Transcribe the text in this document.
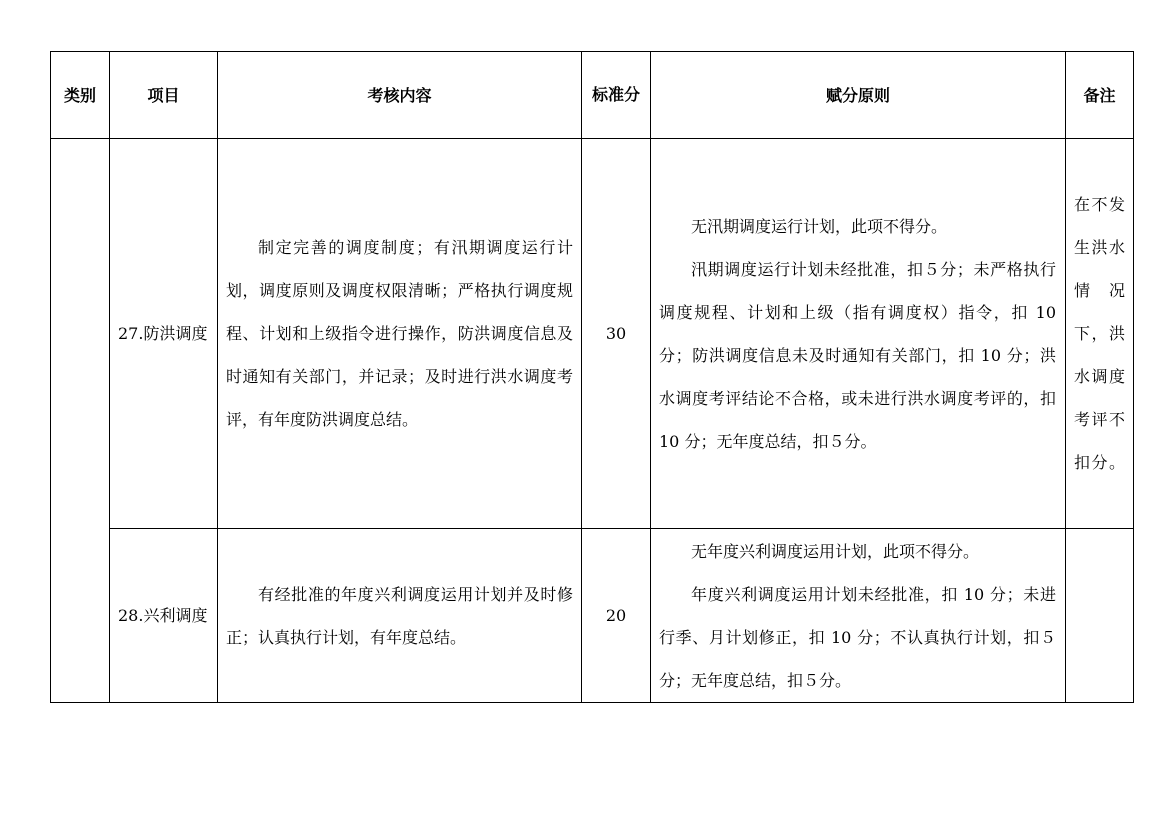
类别	项目	考核内容	标准分	赋分原则	备注
	27.防洪调度	制定完善的调度制度；有汛期调度运行计划，调度原则及调度权限清晰；严格执行调度规程、计划和上级指令进行操作，防洪调度信息及时通知有关部门，并记录；及时进行洪水调度考评，有年度防洪调度总结。	30	无汛期调度运行计划，此项不得分。
汛期调度运行计划未经批准，扣５分；未严格执行调度规程、计划和上级（指有调度权）指令，扣 10 分；防洪调度信息未及时通知有关部门，扣 10 分；洪水调度考评结论不合格，或未进行洪水调度考评的，扣 10 分；无年度总结，扣５分。	在不发生洪水情况下，洪水调度考评不扣分。
	28.兴利调度	有经批准的年度兴利调度运用计划并及时修正；认真执行计划，有年度总结。	20	无年度兴利调度运用计划，此项不得分。
年度兴利调度运用计划未经批准，扣 10 分；未进行季、月计划修正，扣 10 分；不认真执行计划，扣５分；无年度总结，扣５分。	
